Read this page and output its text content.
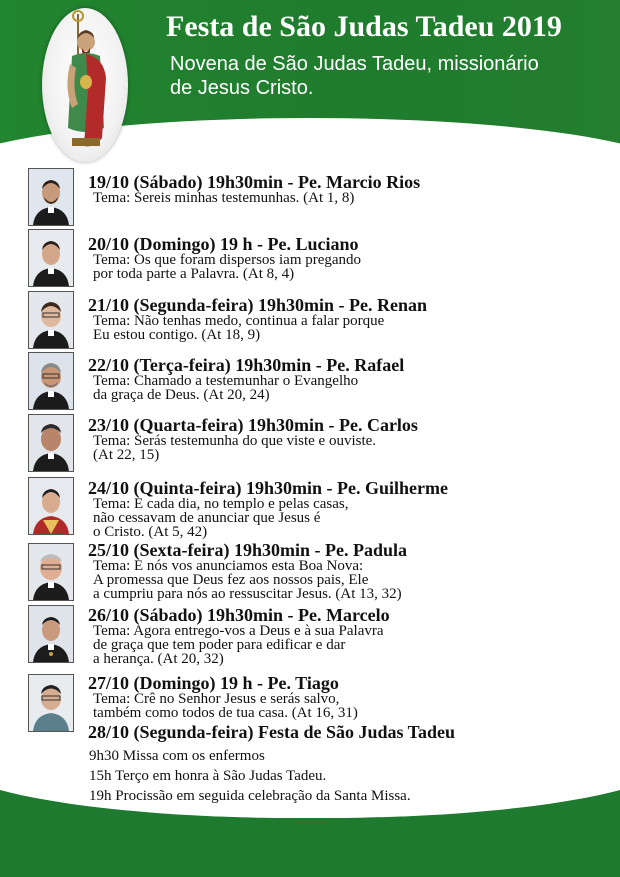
Festa de São Judas Tadeu 2019
Novena de São Judas Tadeu, missionário
de Jesus Cristo.
19/10 (Sábado) 19h30min - Pe. Marcio Rios
Tema: Sereis minhas testemunhas. (At 1, 8)
20/10 (Domingo) 19 h - Pe. Luciano
Tema: Os que foram dispersos iam pregando
por toda parte a Palavra. (At 8, 4)
21/10 (Segunda-feira) 19h30min - Pe. Renan
Tema: Não tenhas medo, continua a falar porque
Eu estou contigo. (At 18, 9)
22/10 (Terça-feira) 19h30min - Pe. Rafael
Tema: Chamado a testemunhar o Evangelho
da graça de Deus. (At 20, 24)
23/10 (Quarta-feira) 19h30min - Pe. Carlos
Tema: Serás testemunha do que viste e ouviste.
(At 22, 15)
24/10 (Quinta-feira) 19h30min - Pe. Guilherme
Tema: E cada dia, no templo e pelas casas,
não cessavam de anunciar que Jesus é
o Cristo. (At 5, 42)
25/10 (Sexta-feira) 19h30min - Pe. Padula
Tema: E nós vos anunciamos esta Boa Nova:
A promessa que Deus fez aos nossos pais, Ele
a cumpriu para nós ao ressuscitar Jesus. (At 13, 32)
26/10 (Sábado) 19h30min - Pe. Marcelo
Tema: Agora entrego-vos a Deus e à sua Palavra
de graça que tem poder para edificar e dar
a herança. (At 20, 32)
27/10 (Domingo) 19 h - Pe. Tiago
Tema: Crê no Senhor Jesus e serás salvo,
também como todos de tua casa. (At 16, 31)
28/10 (Segunda-feira) Festa de São Judas Tadeu
9h30 Missa com os enfermos
15h Terço em honra à São Judas Tadeu.
19h Procissão em seguida celebração da Santa Missa.
